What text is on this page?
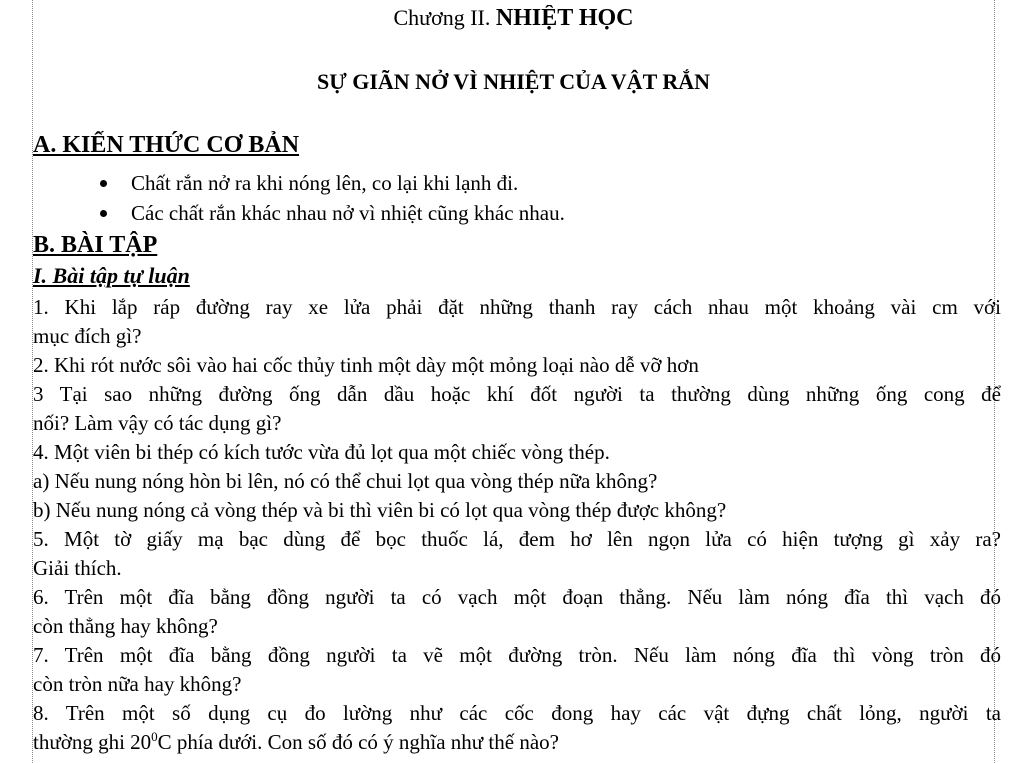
Chương II. NHIỆT HỌC
SỰ GIÃN NỞ VÌ NHIỆT CỦA VẬT RẮN
A. KIẾN THỨC CƠ BẢN
Chất rắn nở ra khi nóng lên, co lại khi lạnh đi.
Các chất rắn khác nhau nở vì nhiệt cũng khác nhau.
B. BÀI TẬP
I. Bài tập tự luận
1. Khi lắp ráp đường ray xe lửa phải đặt những thanh ray cách nhau một khoảng vài cm với
mục đích gì?
2. Khi rót nước sôi vào hai cốc thủy tinh một dày một mỏng loại nào dễ vỡ hơn
3 Tại sao những đường ống dẫn dầu hoặc khí đốt người ta thường dùng những ống cong để
nối? Làm vậy có tác dụng gì?
4. Một viên bi thép có kích tước vừa đủ lọt qua một chiếc vòng thép.
a) Nếu nung nóng hòn bi lên, nó có thể chui lọt qua vòng thép nữa không?
b) Nếu nung nóng cả vòng thép và bi thì viên bi có lọt qua vòng thép được không?
5. Một tờ giấy mạ bạc dùng để bọc thuốc lá, đem hơ lên ngọn lửa có hiện tượng gì xảy ra?
Giải thích.
6. Trên một đĩa bằng đồng người ta có vạch một đoạn thẳng. Nếu làm nóng đĩa thì vạch đó
còn thẳng hay không?
7. Trên một đĩa bằng đồng người ta vẽ một đường tròn. Nếu làm nóng đĩa thì vòng tròn đó
còn tròn nữa hay không?
8. Trên một số dụng cụ đo lường như các cốc đong hay các vật đựng chất lỏng, người ta
thường ghi $20^0C$ phía dưới. Con số đó có ý nghĩa như thế nào?
